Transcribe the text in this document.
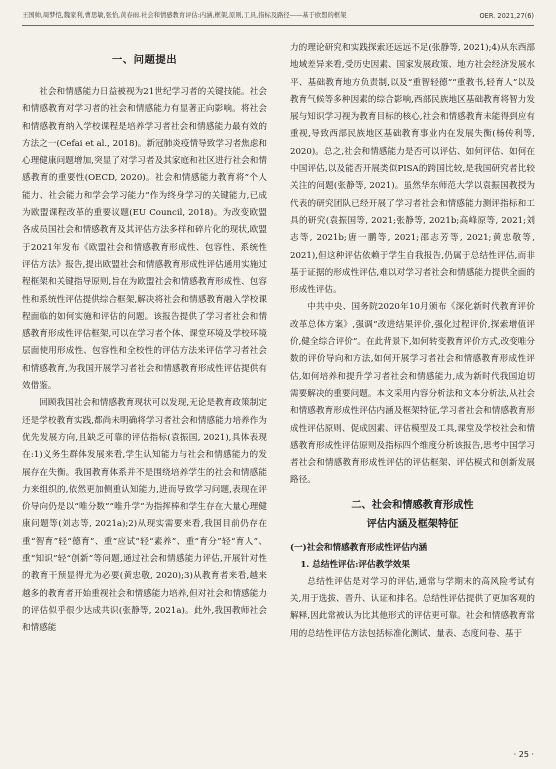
王国帅,周梦恺,魏家利,曹思敏,张怡,黄春雨.社会和情感教育评估:内涵,框架,原则,工具,指标及路径——基于欧盟的框架	OER. 2021,27(6)
一、问题提出

社会和情感能力日益被视为21世纪学习者的关键技能。社会和情感教育对学习者的社会和情感能力有显著正向影响。将社会和情感教育纳入学校课程是培养学习者社会和情感能力最有效的方法之一(Cefai et al., 2018)。新冠肺炎疫情导致学习者焦虑和心理健康问题增加,突显了对学习者及其家庭和社区进行社会和情感教育的重要性(OECD, 2020)。社会和情感能力教育将“个人能力、社会能力和学会学习能力”作为终身学习的关键能力,已成为欧盟课程改革的重要议题(EU Council, 2018)。为改变欧盟各成员国社会和情感教育及其评估方法多样和碎片化的现状,欧盟于2021年发布《欧盟社会和情感教育形成性、包容性、系统性评估方法》报告,提出欧盟社会和情感教育形成性评估通用实施过程框架和关键指导原则,旨在为欧盟社会和情感教育形成性、包容性和系统性评估提供综合框架,解决将社会和情感教育融入学校课程面临的如何实施和评估的问题。该报告提供了学习者社会和情感教育形成性评估框架,可以在学习者个体、课堂环境及学校环境层面使用形成性、包容性和全校性的评估方法来评估学习者社会和情感教育,为我国开展学习者社会和情感教育形成性评估提供有效借鉴。

回顾我国社会和情感教育现状可以发现,无论是教育政策制定还是学校教育实践,都尚未明确将学习者社会和情感能力培养作为优先发展方向,且缺乏可靠的评估指标(袁振国, 2021),具体表现在:1)义务生群体发展来看,学生认知能力与社会和情感能力的发展存在失衡。我国教育体系并不是围绕培养学生的社会和情感能力来组织的,依然更加侧重认知能力,进而导致学习问题,表现在评价导向仍是以“唯分数”“唯升学”为指挥棒和学生存在大量心理健康问题等(刘志等, 2021a);2)从现实需要来看,我国目前仍存在重“智育”轻“德育”、重“应试”轻“素养”、重“育分”轻“育人”、重“知识”轻“创新”等问题,通过社会和情感能力评估,开展针对性的教育干预显得尤为必要(黄忠敬, 2020);3)从教育者来看,越来越多的教育者开始重视社会和情感能力培养,但对社会和情感能力的评估似乎很少达成共识(张静等, 2021a)。此外,我国教师社会和情感能

力的理论研究和实践探索还远远不足(张静等, 2021);4)从东西部地域差异来看,受历史因素、国家发展政策、地方社会经济发展水平、基础教育地方负责制,以及“重智轻德”“重教书,轻育人”以及教育气候等多种因素的综合影响,西部民族地区基础教育将智力发展与知识学习视为教育目标的核心,社会和情感教育未能得到应有重视,导致西部民族地区基础教育事业内在发展失衡(杨传利等, 2020)。总之,社会和情感能力是否可以评估、如何评估、如何在中国评估,以及能否开展类似PISA的跨国比较,是我国研究者比较关注的问题(张静等, 2021)。虽然华东师范大学以袁振国教授为代表的研究团队已经开展了学习者社会和情感能力测评指标和工具的研究(袁振国等, 2021;张静等, 2021b;高峰原等, 2021;刘志等, 2021b;唐一鹏等, 2021;邵志芳等, 2021;黄忠敬等, 2021),但这种评估依赖于学生自我报告,仍属于总结性评估,而非基于证据的形成性评估,难以对学习者社会和情感能力提供全面的形成性评估。

中共中央、国务院2020年10月颁布《深化新时代教育评价改革总体方案》,强调“改进结果评价,强化过程评价,探索增值评价,健全综合评价”。在此背景下,如何转变教育评价方式,改变唯分数的评价导向和方法,如何开展学习者社会和情感教育形成性评估,如何培养和提升学习者社会和情感能力,成为新时代我国迫切需要解决的重要问题。本文采用内容分析法和文本分析法,从社会和情感教育形成性评估内涵及框架特征,学习者社会和情感教育形成性评估原则、促成因素、评估模型及工具,课堂及学校社会和情感教育形成性评估原则及指标四个维度分析该报告,思考中国学习者社会和情感教育形成性评估的评估框架、评估模式和创新发展路径。

二、社会和情感教育形成性
评估内涵及框架特征
(一)社会和情感教育形成性评估内涵
1. 总结性评估:评估教学效果

总结性评估是对学习的评估,通常与学期末的高风险考试有关,用于选拔、晋升、认证和排名。总结性评估提供了更加客观的解释,因此常被认为比其他形式的评估更可靠。社会和情感教育常用的总结性评估方法包括标准化测试、量表、态度问卷、基于

· 25 ·
